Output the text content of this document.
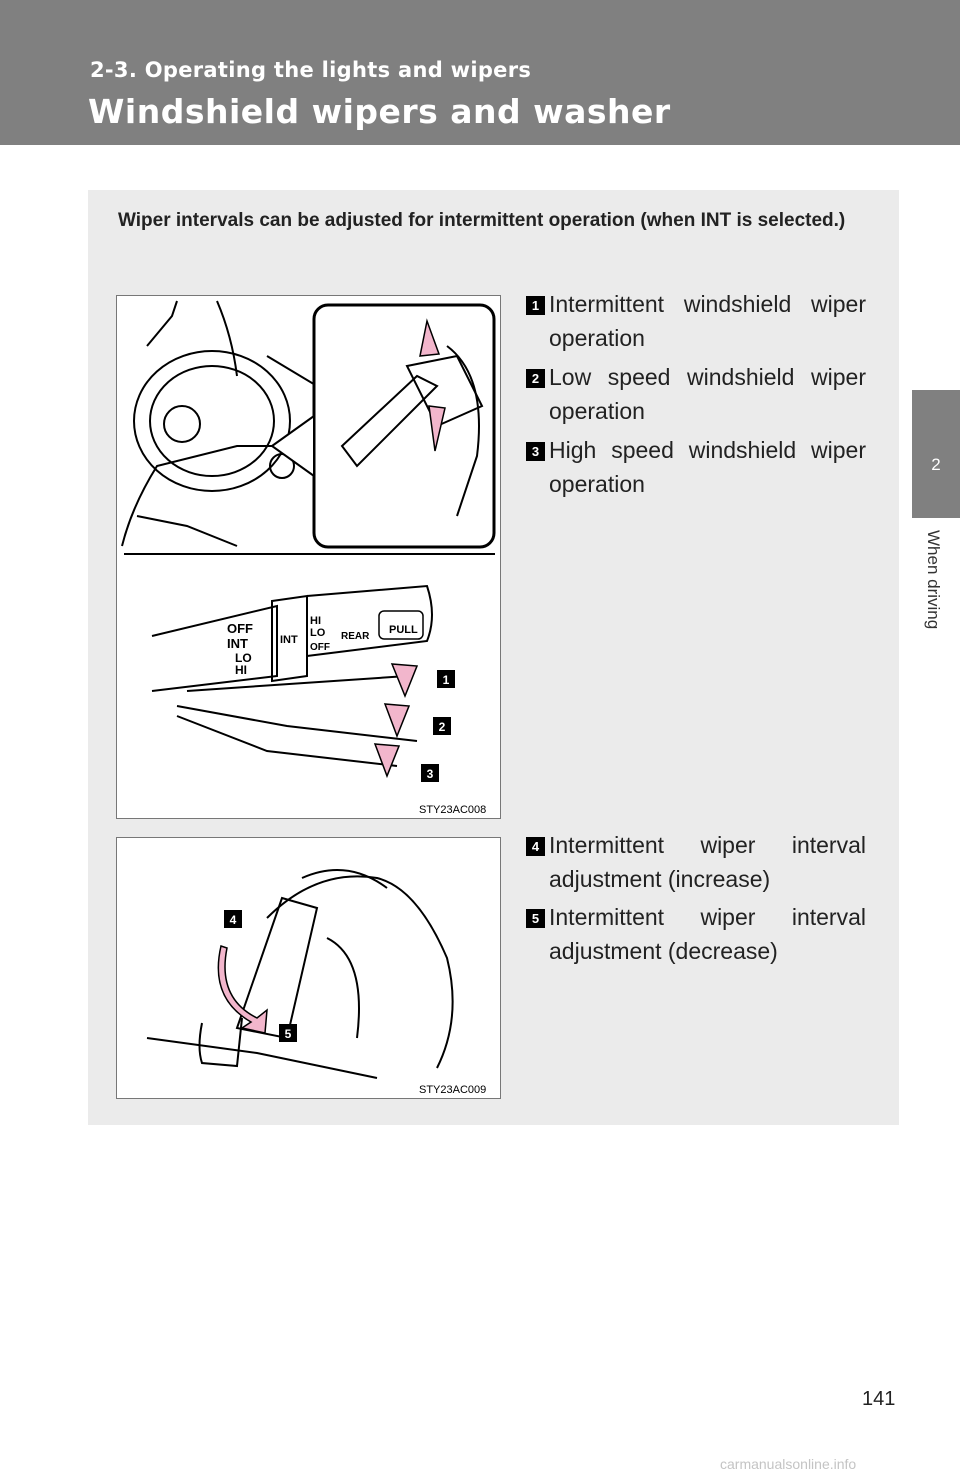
2-3. Operating the lights and wipers
Windshield wipers and washer
2
When driving
Wiper intervals can be adjusted for intermittent operation (when INT is selected.)
OFF
INT
LO
HI
INT
HI
LO
OFF
REAR
PULL
1
2
3
STY23AC008
4
5
STY23AC009
1 Intermittent windshield wiper operation
2 Low speed windshield wiper operation
3 High speed windshield wiper operation
4 Intermittent wiper interval adjustment (increase)
5 Intermittent wiper interval adjustment (decrease)
141
carmanualsonline.info
